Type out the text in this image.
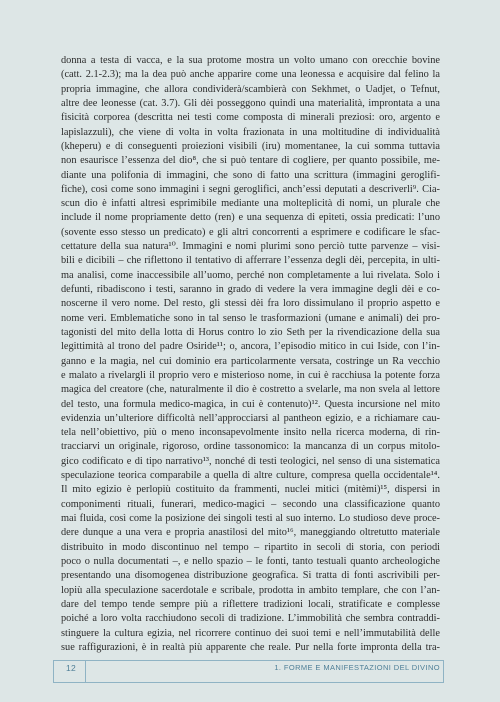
donna a testa di vacca, e la sua protome mostra un volto umano con orecchie bovine
(catt. 2.1-2.3); ma la dea può anche apparire come una leonessa e acquisire dal felino la
propria immagine, che allora condividerà/scambierà con Sekhmet, o Uadjet, o Tefnut,
altre dee leonesse (cat. 3.7). Gli dèi posseggono quindi una materialità, improntata a una
fisicità corporea (descritta nei testi come composta di minerali preziosi: oro, argento e
lapislazzuli), che viene di volta in volta frazionata in una moltitudine di individualità
(kheperu) e di conseguenti proiezioni visibili (iru) momentanee, la cui somma tuttavia
non esaurisce l’essenza del dio⁸, che si può tentare di cogliere, per quanto possibile, me-
diante una polifonia di immagini, che sono di fatto una scrittura (immagini geroglifi-
fiche), così come sono immagini i segni geroglifici, anch’essi deputati a descriverli⁹. Cia-
scun dio è infatti altresì esprimibile mediante una molteplicità di nomi, un plurale che
include il nome propriamente detto (ren) e una sequenza di epiteti, ossia predicati: l’uno
(sovente esso stesso un predicato) e gli altri concorrenti a esprimere e codificare le sfac-
cettature della sua natura¹⁰. Immagini e nomi plurimi sono perciò tutte parvenze – visi-
bili e dicibili – che riflettono il tentativo di afferrare l’essenza degli dèi, percepita, in ulti-
ma analisi, come inaccessibile all’uomo, perché non completamente a lui rivelata. Solo i
defunti, ribadiscono i testi, saranno in grado di vedere la vera immagine degli dèi e co-
noscerne il vero nome. Del resto, gli stessi dèi fra loro dissimulano il proprio aspetto e
nome veri. Emblematiche sono in tal senso le trasformazioni (umane e animali) dei pro-
tagonisti del mito della lotta di Horus contro lo zio Seth per la rivendicazione della sua
legittimità al trono del padre Osiride¹¹; o, ancora, l’episodio mitico in cui Iside, con l’in-
ganno e la magia, nel cui dominio era particolarmente versata, costringe un Ra vecchio
e malato a rivelargli il proprio vero e misterioso nome, in cui è racchiusa la potente forza
magica del creatore (che, naturalmente il dio è costretto a svelarle, ma non svela al lettore
del testo, una formula medico-magica, in cui è contenuto)¹². Questa incursione nel mito
evidenzia un’ulteriore difficoltà nell’approcciarsi al pantheon egizio, e a richiamare cau-
tela nell’obiettivo, più o meno inconsapevolmente insito nella ricerca moderna, di rin-
tracciarvi un originale, rigoroso, ordine tassonomico: la mancanza di un corpus mitolo-
gico codificato e di tipo narrativo¹³, nonché di testi teologici, nel senso di una sistematica
speculazione teorica comparabile a quella di altre culture, compresa quella occidentale¹⁴.
Il mito egizio è perlopiù costituito da frammenti, nuclei mitici (mitèmi)¹⁵, dispersi in
componimenti rituali, funerari, medico-magici – secondo una classificazione quanto
mai fluida, così come la posizione dei singoli testi al suo interno. Lo studioso deve proce-
dere dunque a una vera e propria anastilosi del mito¹⁶, maneggiando oltretutto materiale
distribuito in modo discontinuo nel tempo – ripartito in secoli di storia, con periodi
poco o nulla documentati –, e nello spazio – le fonti, tanto testuali quanto archeologiche
presentando una disomogenea distribuzione geografica. Si tratta di fonti ascrivibili per-
lopiù alla speculazione sacerdotale e scribale, prodotta in ambito templare, che con l’an-
dare del tempo tende sempre più a riflettere tradizioni locali, stratificate e complesse
poiché a loro volta racchiudono secoli di tradizione. L’immobilità che sembra contraddi-
stinguere la cultura egizia, nel ricorrere continuo dei suoi temi e nell’immutabilità delle
sue raffigurazioni, è in realtà più apparente che reale. Pur nella forte impronta della tra-
12	1. FORME E MANIFESTAZIONI DEL DIVINO
